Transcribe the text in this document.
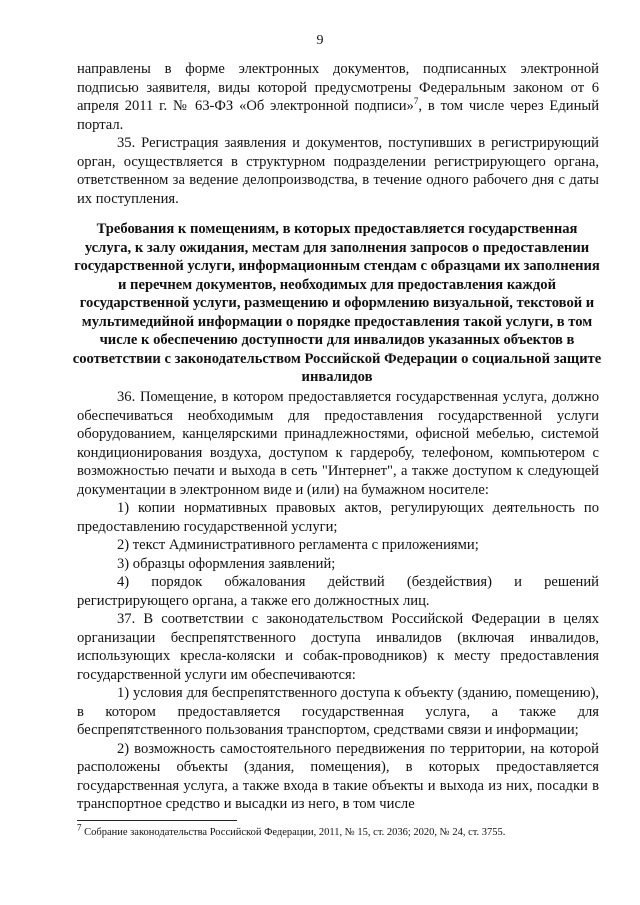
9

направлены в форме электронных документов, подписанных электронной подписью заявителя, виды которой предусмотрены Федеральным законом от 6 апреля 2011 г. № 63-ФЗ «Об электронной подписи»$^7$, в том числе через Единый портал.

35. Регистрация заявления и документов, поступивших в регистрирующий орган, осуществляется в структурном подразделении регистрирующего органа, ответственном за ведение делопроизводства, в течение одного рабочего дня с даты их поступления.

Требования к помещениям, в которых предоставляется государственная услуга, к залу ожидания, местам для заполнения запросов о предоставлении государственной услуги, информационным стендам с образцами их заполнения и перечнем документов, необходимых для предоставления каждой государственной услуги, размещению и оформлению визуальной, текстовой и мультимедийной информации о порядке предоставления такой услуги, в том числе к обеспечению доступности для инвалидов указанных объектов в соответствии с законодательством Российской Федерации о социальной защите инвалидов

36. Помещение, в котором предоставляется государственная услуга, должно обеспечиваться необходимым для предоставления государственной услуги оборудованием, канцелярскими принадлежностями, офисной мебелью, системой кондиционирования воздуха, доступом к гардеробу, телефоном, компьютером с возможностью печати и выхода в сеть "Интернет", а также доступом к следующей документации в электронном виде и (или) на бумажном носителе:

1) копии нормативных правовых актов, регулирующих деятельность по предоставлению государственной услуги;

2) текст Административного регламента с приложениями;

3) образцы оформления заявлений;

4) порядок обжалования действий (бездействия) и решений регистрирующего органа, а также его должностных лиц.

37. В соответствии с законодательством Российской Федерации в целях организации беспрепятственного доступа инвалидов (включая инвалидов, использующих кресла-коляски и собак-проводников) к месту предоставления государственной услуги им обеспечиваются:

1) условия для беспрепятственного доступа к объекту (зданию, помещению), в котором предоставляется государственная услуга, а также для беспрепятственного пользования транспортом, средствами связи и информации;

2) возможность самостоятельного передвижения по территории, на которой расположены объекты (здания, помещения), в которых предоставляется государственная услуга, а также входа в такие объекты и выхода из них, посадки в транспортное средство и высадки из него, в том числе

$^7$ Собрание законодательства Российской Федерации, 2011, № 15, ст. 2036; 2020, № 24, ст. 3755.
